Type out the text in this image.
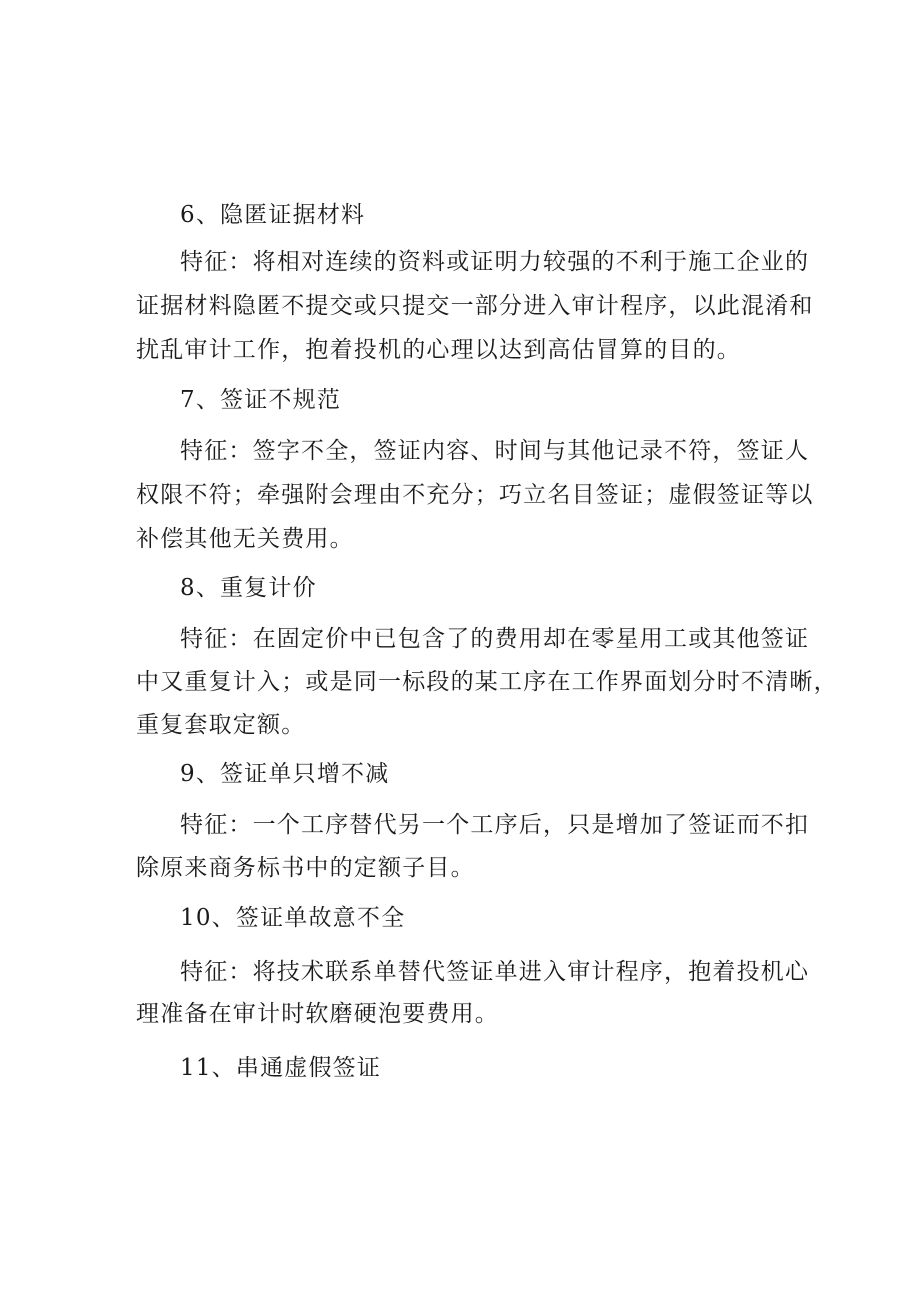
6、隐匿证据材料
特征：将相对连续的资料或证明力较强的不利于施工企业的
证据材料隐匿不提交或只提交一部分进入审计程序，以此混淆和
扰乱审计工作，抱着投机的心理以达到高估冒算的目的。
7、签证不规范
特征：签字不全，签证内容、时间与其他记录不符，签证人
权限不符；牵强附会理由不充分；巧立名目签证；虚假签证等以
补偿其他无关费用。
8、重复计价
特征：在固定价中已包含了的费用却在零星用工或其他签证
中又重复计入；或是同一标段的某工序在工作界面划分时不清晰，
重复套取定额。
9、签证单只增不减
特征：一个工序替代另一个工序后，只是增加了签证而不扣
除原来商务标书中的定额子目。
10、签证单故意不全
特征：将技术联系单替代签证单进入审计程序，抱着投机心
理准备在审计时软磨硬泡要费用。
11、串通虚假签证
